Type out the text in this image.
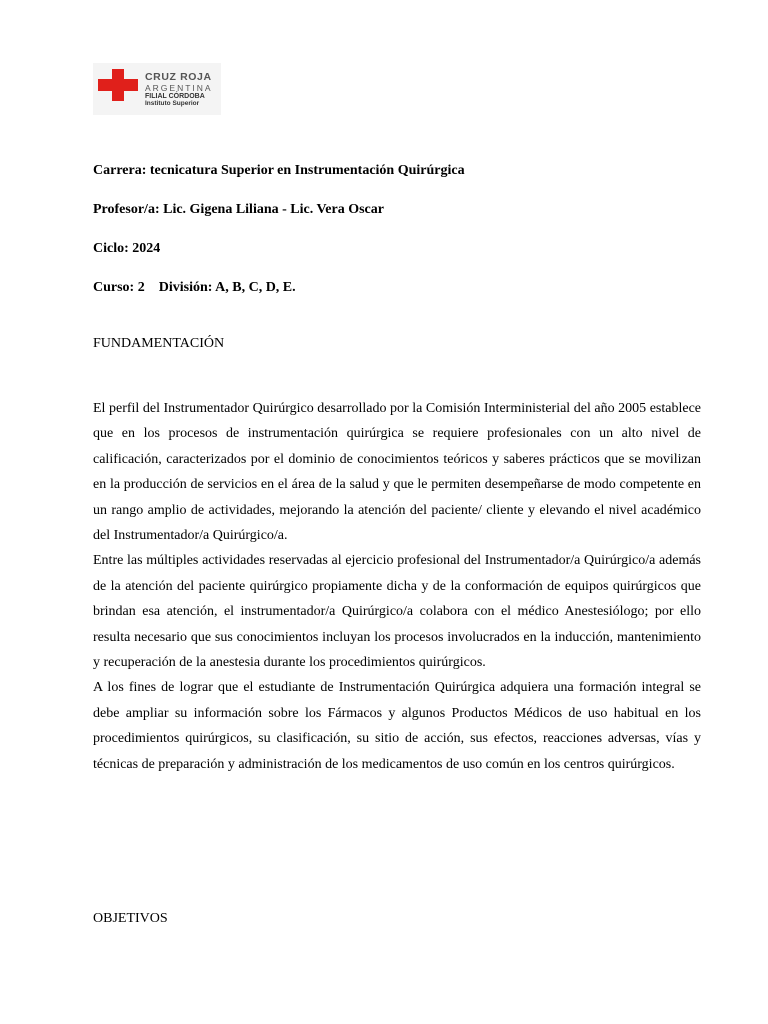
CRUZ ROJA
ARGENTINA
FILIAL CÓRDOBA
Instituto Superior
Carrera: tecnicatura Superior en Instrumentación Quirúrgica
Profesor/a: Lic. Gigena Liliana - Lic. Vera Oscar
Ciclo: 2024
Curso: 2 División: A, B, C, D, E.
FUNDAMENTACIÓN

El perfil del Instrumentador Quirúrgico desarrollado por la Comisión Interministerial del año 2005 establece que en los procesos de instrumentación quirúrgica se requiere profesionales con un alto nivel de calificación, caracterizados por el dominio de conocimientos teóricos y saberes prácticos que se movilizan en la producción de servicios en el área de la salud y que le permiten desempeñarse de modo competente en un rango amplio de actividades, mejorando la atención del paciente/ cliente y elevando el nivel académico del Instrumentador/a Quirúrgico/a.

Entre las múltiples actividades reservadas al ejercicio profesional del Instrumentador/a Quirúrgico/a además de la atención del paciente quirúrgico propiamente dicha y de la conformación de equipos quirúrgicos que brindan esa atención, el instrumentador/a Quirúrgico/a colabora con el médico Anestesiólogo; por ello resulta necesario que sus conocimientos incluyan los procesos involucrados en la inducción, mantenimiento y recuperación de la anestesia durante los procedimientos quirúrgicos.

A los fines de lograr que el estudiante de Instrumentación Quirúrgica adquiera una formación integral se debe ampliar su información sobre los Fármacos y algunos Productos Médicos de uso habitual en los procedimientos quirúrgicos, su clasificación, su sitio de acción, sus efectos, reacciones adversas, vías y técnicas de preparación y administración de los medicamentos de uso común en los centros quirúrgicos.

OBJETIVOS
